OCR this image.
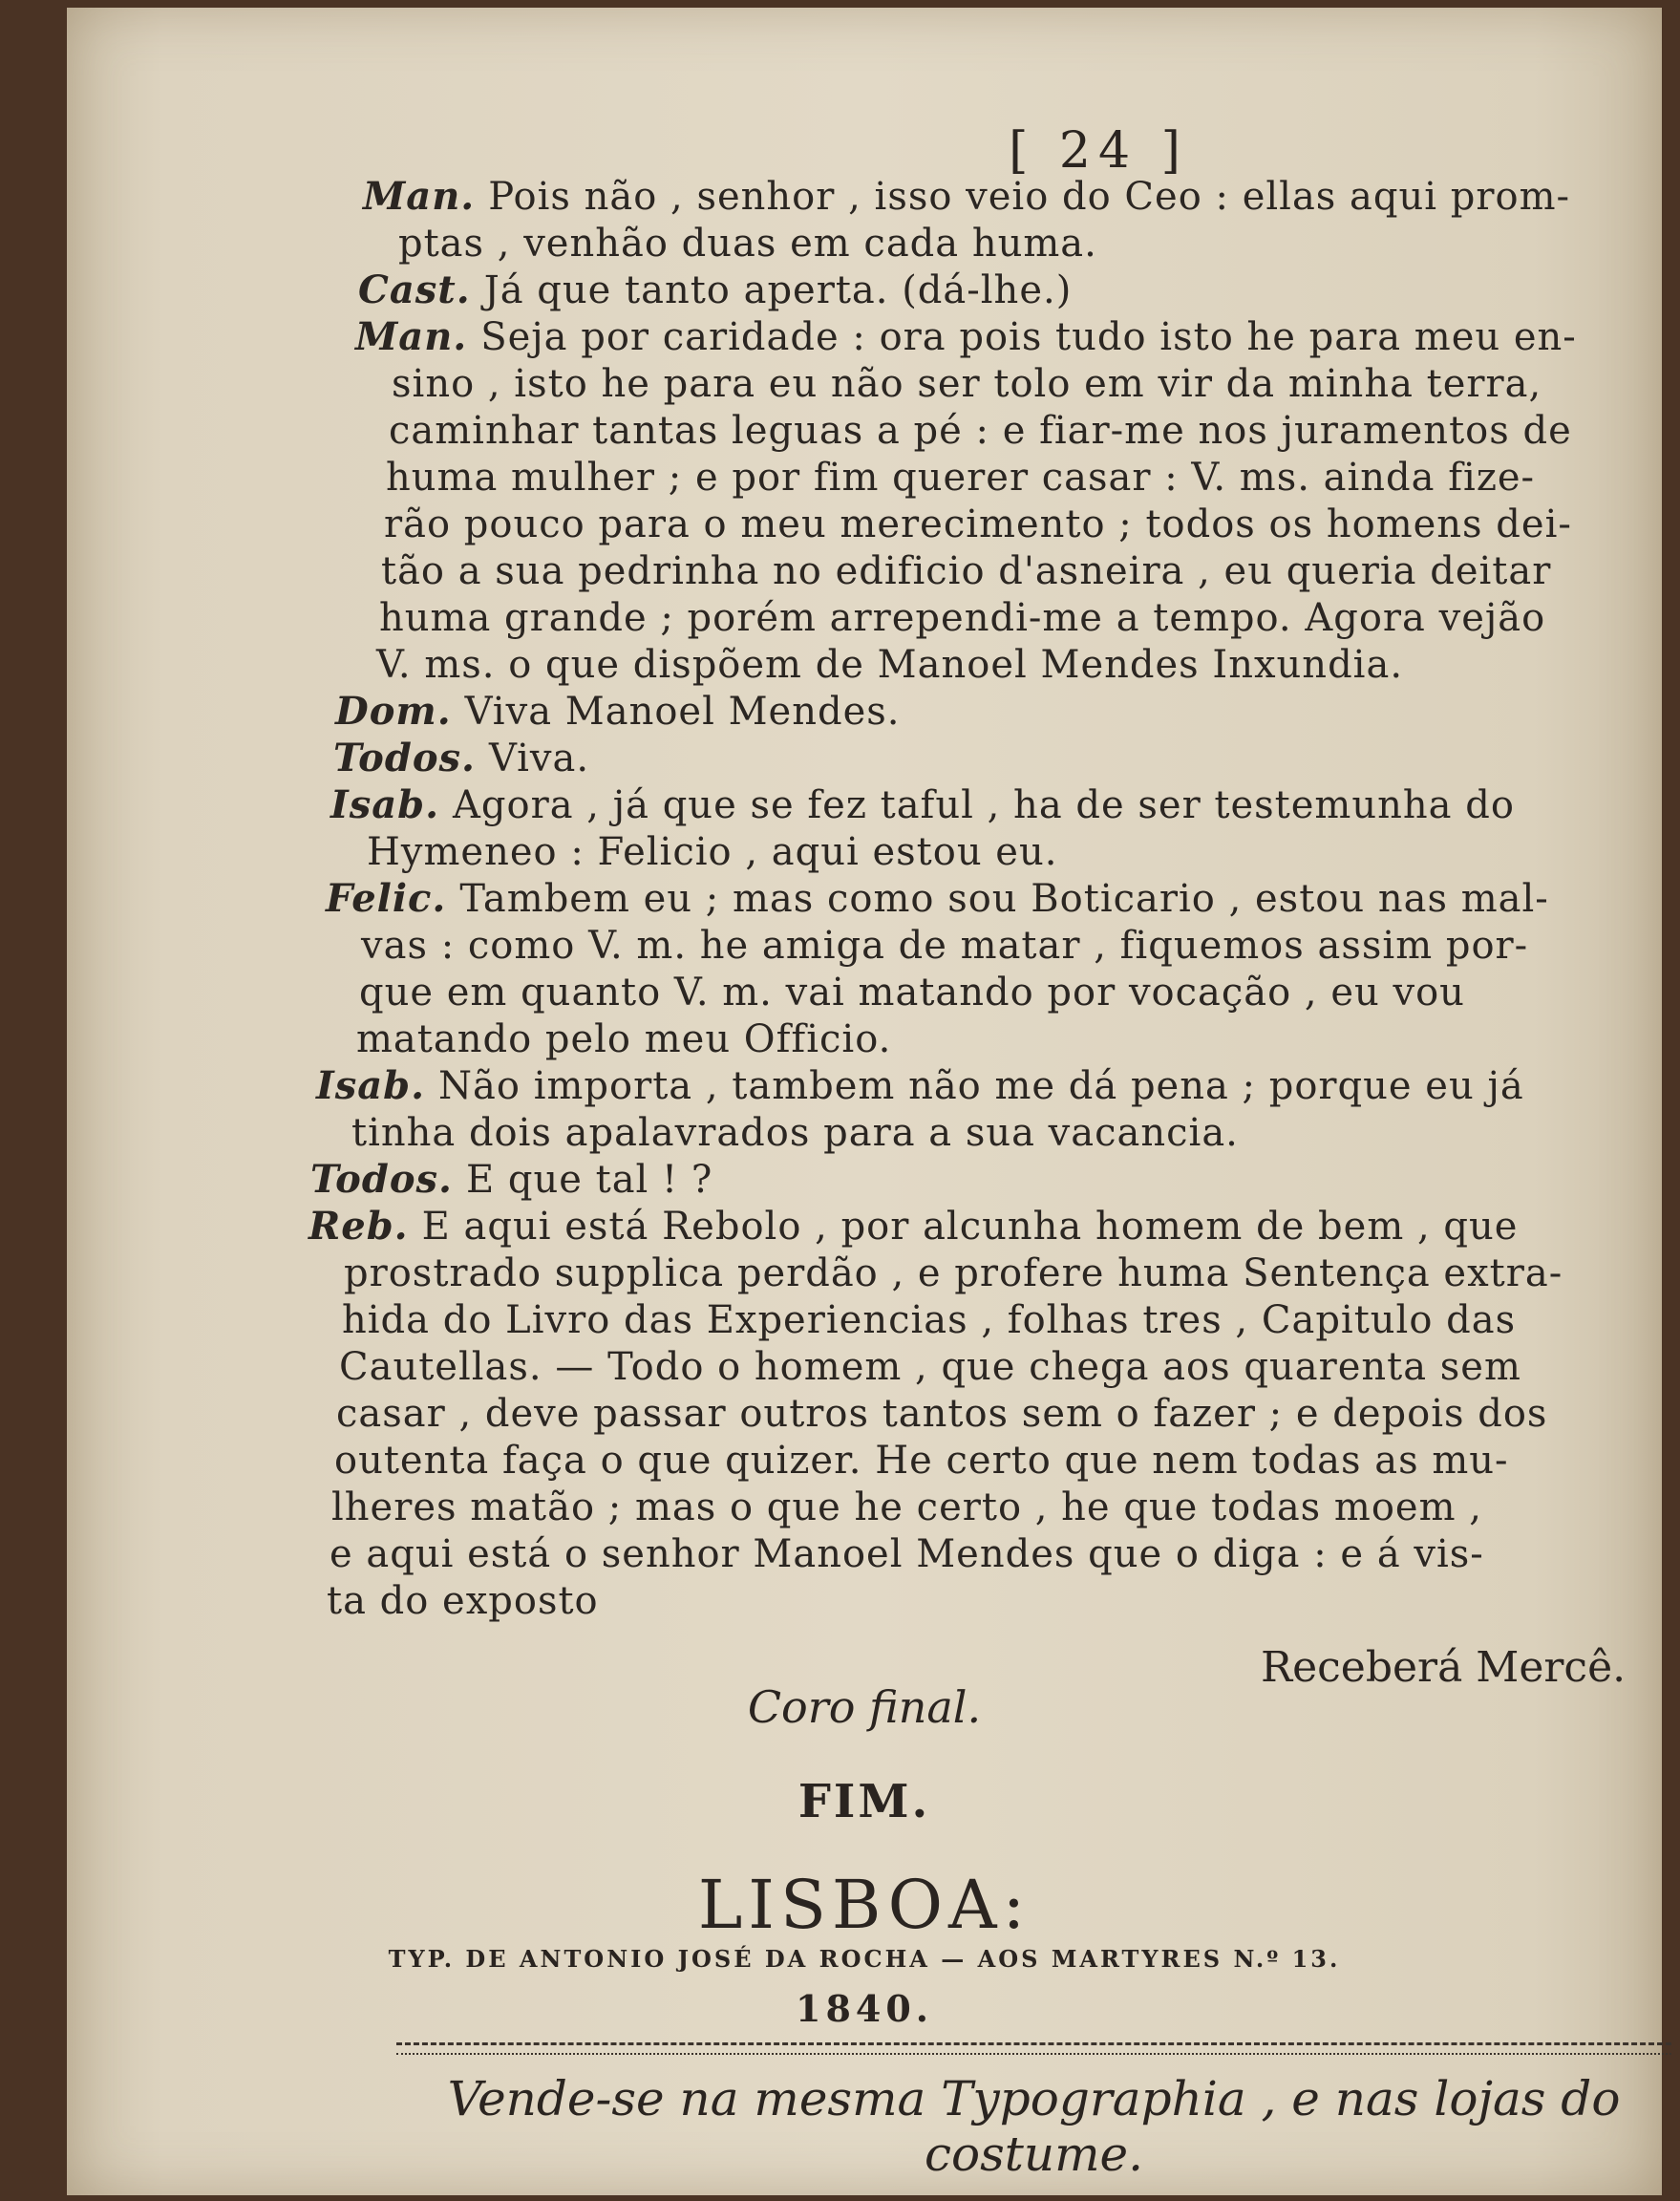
[ 24 ]
Man. Pois não , senhor , isso veio do Ceo : ellas aqui prom-
ptas , venhão duas em cada huma.
Cast. Já que tanto aperta. (dá-lhe.)
Man. Seja por caridade : ora pois tudo isto he para meu en-
sino , isto he para eu não ser tolo em vir da minha terra,
caminhar tantas leguas a pé : e fiar-me nos juramentos de
huma mulher ; e por fim querer casar : V. ms. ainda fize-
rão pouco para o meu merecimento ; todos os homens dei-
tão a sua pedrinha no edificio d'asneira , eu queria deitar
huma grande ; porém arrependi-me a tempo. Agora vejão
V. ms. o que dispõem de Manoel Mendes Inxundia.
Dom. Viva Manoel Mendes.
Todos. Viva.
Isab. Agora , já que se fez taful , ha de ser testemunha do
Hymeneo : Felicio , aqui estou eu.
Felic. Tambem eu ; mas como sou Boticario , estou nas mal-
vas : como V. m. he amiga de matar , fiquemos assim por-
que em quanto V. m. vai matando por vocação , eu vou
matando pelo meu Officio.
Isab. Não importa , tambem não me dá pena ; porque eu já
tinha dois apalavrados para a sua vacancia.
Todos. E que tal ! ?
Reb. E aqui está Rebolo , por alcunha homem de bem , que
prostrado supplica perdão , e profere huma Sentença extra-
hida do Livro das Experiencias , folhas tres , Capitulo das
Cautellas. — Todo o homem , que chega aos quarenta sem
casar , deve passar outros tantos sem o fazer ; e depois dos
outenta faça o que quizer. He certo que nem todas as mu-
lheres matão ; mas o que he certo , he que todas moem ,
e aqui está o senhor Manoel Mendes que o diga : e á vis-
ta do exposto
Receberá Mercê.
Coro final.
FIM.
LISBOA:
TYP. DE ANTONIO JOSÉ DA ROCHA — AOS MARTYRES N.º 13.
1840.
Vende-se na mesma Typographia , e nas lojas do costume.
